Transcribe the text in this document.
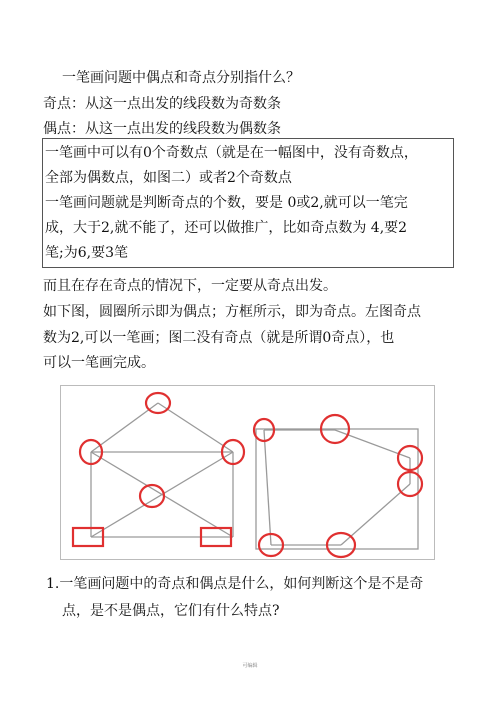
一笔画问题中偶点和奇点分别指什么？
奇点：从这一点出发的线段数为奇数条
偶点：从这一点出发的线段数为偶数条
一笔画中可以有0个奇数点（就是在一幅图中，没有奇数点，
全部为偶数点，如图二）或者2个奇数点
一笔画问题就是判断奇点的个数，要是 0或2,就可以一笔完
成，大于2,就不能了，还可以做推广，比如奇点数为 4,要2
笔;为6,要3笔
而且在存在奇点的情况下，一定要从奇点出发。
如下图，圆圈所示即为偶点；方框所示，即为奇点。左图奇点
数为2,可以一笔画；图二没有奇点（就是所谓0奇点），也
可以一笔画完成。
1.一笔画问题中的奇点和偶点是什么，如何判断这个是不是奇
点，是不是偶点，它们有什么特点?
可编辑
